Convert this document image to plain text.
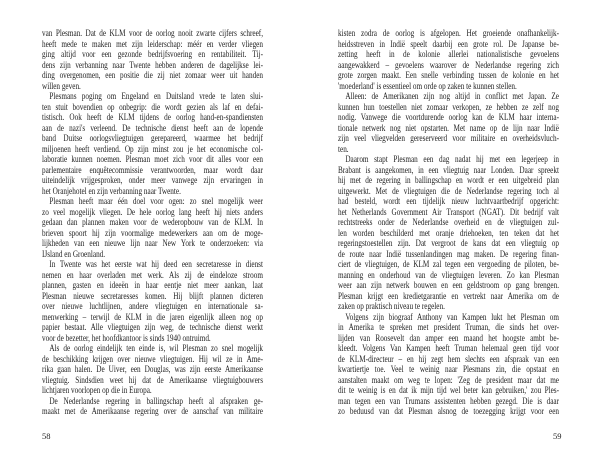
van Plesman. Dat de KLM voor de oorlog nooit zwarte cijfers schreef,
heeft mede te maken met zijn leiderschap: méér en verder vliegen
ging altijd voor een gezonde bedrijfsvoering en rentabiliteit. Tij-
dens zijn verbanning naar Twente hebben anderen de dagelijkse lei-
ding overgenomen, een positie die zij niet zomaar weer uit handen
willen geven.
Plesmans poging om Engeland en Duitsland vrede te laten slui-
ten stuit bovendien op onbegrip: die wordt gezien als laf en defai-
tistisch. Ook heeft de KLM tijdens de oorlog hand-en-spandiensten
aan de nazi's verleend. De technische dienst heeft aan de lopende
band Duitse oorlogsvliegtuigen gerepareerd, waarmee het bedrijf
miljoenen heeft verdiend. Op zijn minst zou je het economische col-
laboratie kunnen noemen. Plesman moet zich voor dit alles voor een
parlementaire enquêtecommissie verantwoorden, maar wordt daar
uiteindelijk vrijgesproken, onder meer vanwege zijn ervaringen in
het Oranjehotel en zijn verbanning naar Twente.
Plesman heeft maar één doel voor ogen: zo snel mogelijk weer
zo veel mogelijk vliegen. De hele oorlog lang heeft hij niets anders
gedaan dan plannen maken voor de wederopbouw van de KLM. In
brieven spoort hij zijn voormalige medewerkers aan om de moge-
lijkheden van een nieuwe lijn naar New York te onderzoeken: via
IJsland en Groenland.
In Twente was het eerste wat hij deed een secretaresse in dienst
nemen en haar overladen met werk. Als zij de eindeloze stroom
plannen, gasten en ideeën in haar eentje niet meer aankan, laat
Plesman nieuwe secretaresses komen. Hij blijft plannen dicteren
over nieuwe luchtlijnen, andere vliegtuigen en internationale sa-
menwerking – terwijl de KLM in die jaren eigenlijk alleen nog op
papier bestaat. Alle vliegtuigen zijn weg, de technische dienst werkt
voor de bezetter, het hoofdkantoor is sinds 1940 ontruimd.
Als de oorlog eindelijk ten einde is, wil Plesman zo snel mogelijk
de beschikking krijgen over nieuwe vliegtuigen. Hij wil ze in Ame-
rika gaan halen. De Uiver, een Douglas, was zijn eerste Amerikaanse
vliegtuig. Sindsdien weet hij dat de Amerikaanse vliegtuigbouwers
lichtjaren voorlopen op die in Europa.
De Nederlandse regering in ballingschap heeft al afspraken ge-
maakt met de Amerikaanse regering over de aanschaf van militaire
58
kisten zodra de oorlog is afgelopen. Het groeiende onafhankelijk-
heidsstreven in Indië speelt daarbij een grote rol. De Japanse be-
zetting heeft in de kolonie allerlei nationalistische gevoelens
aangewakkerd – gevoelens waarover de Nederlandse regering zich
grote zorgen maakt. Een snelle verbinding tussen de kolonie en het
'moederland' is essentieel om orde op zaken te kunnen stellen.
Alleen: de Amerikanen zijn nog altijd in conflict met Japan. Ze
kunnen hun toestellen niet zomaar verkopen, ze hebben ze zelf nog
nodig. Vanwege die voortdurende oorlog kan de KLM haar interna-
tionale netwerk nog niet opstarten. Met name op de lijn naar Indië
zijn veel vliegvelden gereserveerd voor militaire en overheidsvluch-
ten.
Daarom stapt Plesman een dag nadat hij met een legerjeep in
Brabant is aangekomen, in een vliegtuig naar Londen. Daar spreekt
hij met de regering in ballingschap en wordt er een uitgebreid plan
uitgewerkt. Met de vliegtuigen die de Nederlandse regering toch al
had besteld, wordt een tijdelijk nieuw luchtvaartbedrijf opgericht:
het Netherlands Government Air Transport (NGAT). Dit bedrijf valt
rechtstreeks onder de Nederlandse overheid en de vliegtuigen zul-
len worden beschilderd met oranje driehoeken, ten teken dat het
regeringstoestellen zijn. Dat vergroot de kans dat een vliegtuig op
de route naar Indië tussenlandingen mag maken. De regering finan-
ciert de vliegtuigen, de KLM zal tegen een vergoeding de piloten, be-
manning en onderhoud van de vliegtuigen leveren. Zo kan Plesman
weer aan zijn netwerk bouwen en een geldstroom op gang brengen.
Plesman krijgt een kredietgarantie en vertrekt naar Amerika om de
zaken op praktisch niveau te regelen.
Volgens zijn biograaf Anthony van Kampen lukt het Plesman om
in Amerika te spreken met president Truman, die sinds het over-
lijden van Roosevelt dan amper een maand het hoogste ambt be-
kleedt. Volgens Van Kampen heeft Truman helemaal geen tijd voor
de KLM-directeur – en hij zegt hem slechts een afspraak van een
kwartiertje toe. Veel te weinig naar Plesmans zin, die opstaat en
aanstalten maakt om weg te lopen: 'Zeg de president maar dat me
dit te weinig is en dat ik mijn tijd wel beter kan gebruiken,' zou Ples-
man tegen een van Trumans assistenten hebben gezegd. Die is daar
zo beduusd van dat Plesman alsnog de toezegging krijgt voor een
59
